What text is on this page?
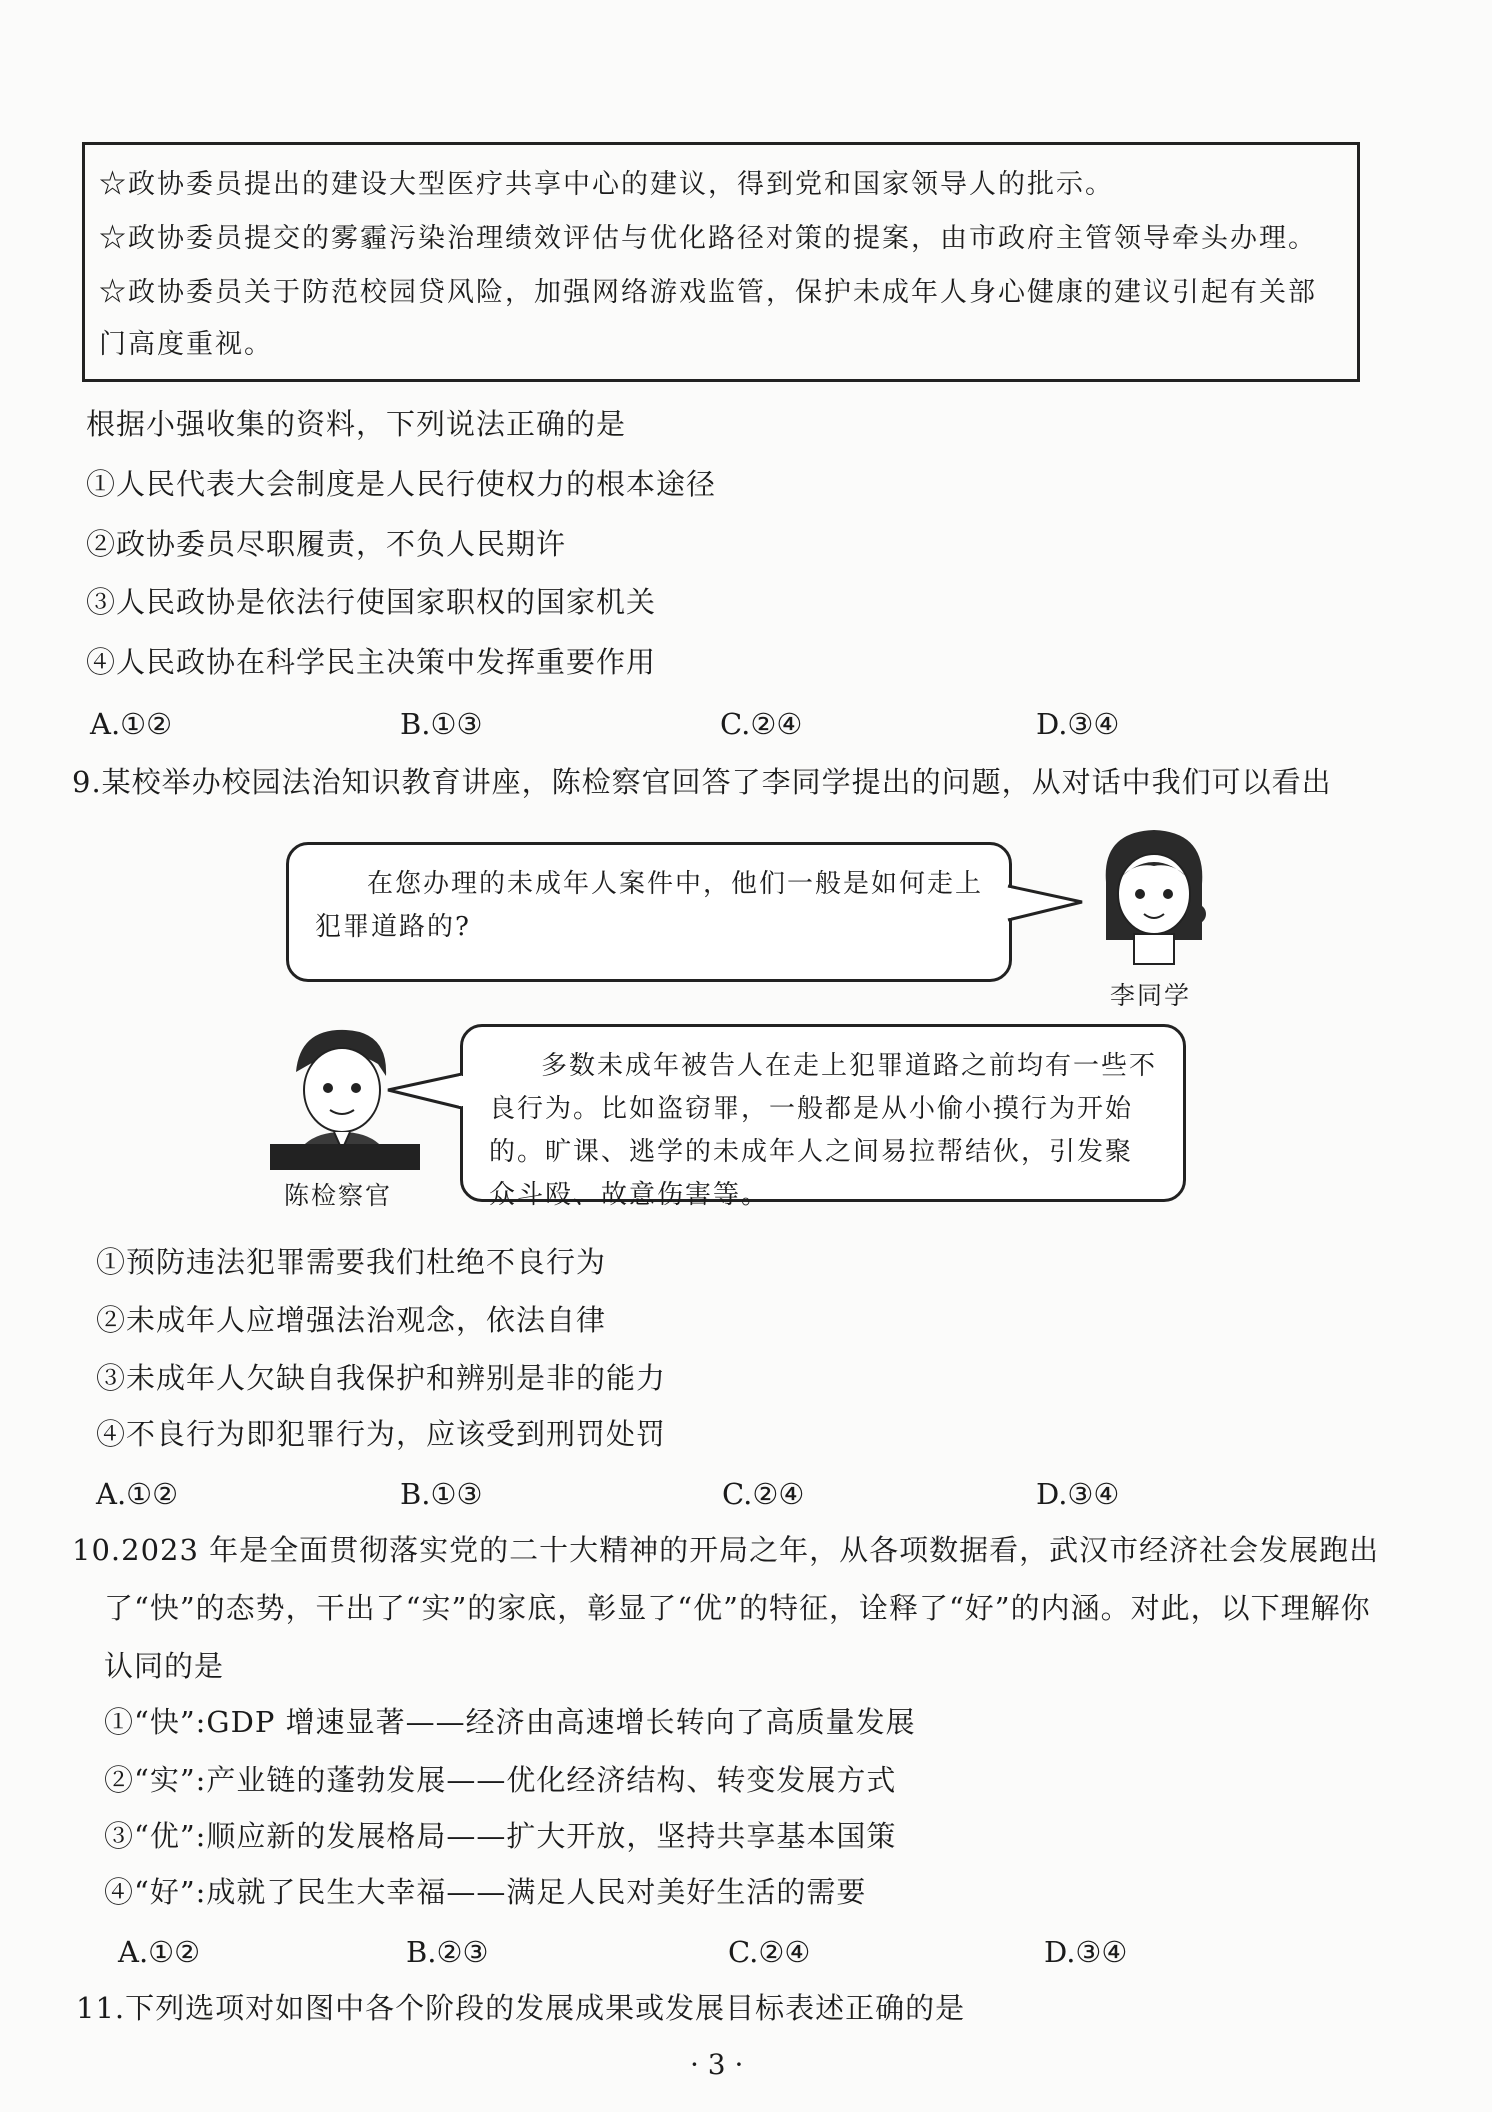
☆政协委员提出的建设大型医疗共享中心的建议，得到党和国家领导人的批示。
☆政协委员提交的雾霾污染治理绩效评估与优化路径对策的提案，由市政府主管领导牵头办理。
☆政协委员关于防范校园贷风险，加强网络游戏监管，保护未成年人身心健康的建议引起有关部
门高度重视。
根据小强收集的资料，下列说法正确的是
①人民代表大会制度是人民行使权力的根本途径
②政协委员尽职履责，不负人民期许
③人民政协是依法行使国家职权的国家机关
④人民政协在科学民主决策中发挥重要作用
A.①②	B.①③	C.②④	D.③④
9.某校举办校园法治知识教育讲座，陈检察官回答了李同学提出的问题，从对话中我们可以看出
在您办理的未成年人案件中，他们一般是如何走上犯罪道路的?
李同学
多数未成年被告人在走上犯罪道路之前均有一些不良行为。比如盗窃罪，一般都是从小偷小摸行为开始的。旷课、逃学的未成年人之间易拉帮结伙，引发聚众斗殴、故意伤害等。
陈检察官
①预防违法犯罪需要我们杜绝不良行为
②未成年人应增强法治观念，依法自律
③未成年人欠缺自我保护和辨别是非的能力
④不良行为即犯罪行为，应该受到刑罚处罚
A.①②	B.①③	C.②④	D.③④
10.2023 年是全面贯彻落实党的二十大精神的开局之年，从各项数据看，武汉市经济社会发展跑出
了“快”的态势，干出了“实”的家底，彰显了“优”的特征，诠释了“好”的内涵。对此，以下理解你
认同的是
①“快”:GDP 增速显著——经济由高速增长转向了高质量发展
②“实”:产业链的蓬勃发展——优化经济结构、转变发展方式
③“优”:顺应新的发展格局——扩大开放，坚持共享基本国策
④“好”:成就了民生大幸福——满足人民对美好生活的需要
A.①②	B.②③	C.②④	D.③④
11.下列选项对如图中各个阶段的发展成果或发展目标表述正确的是
· 3 ·
